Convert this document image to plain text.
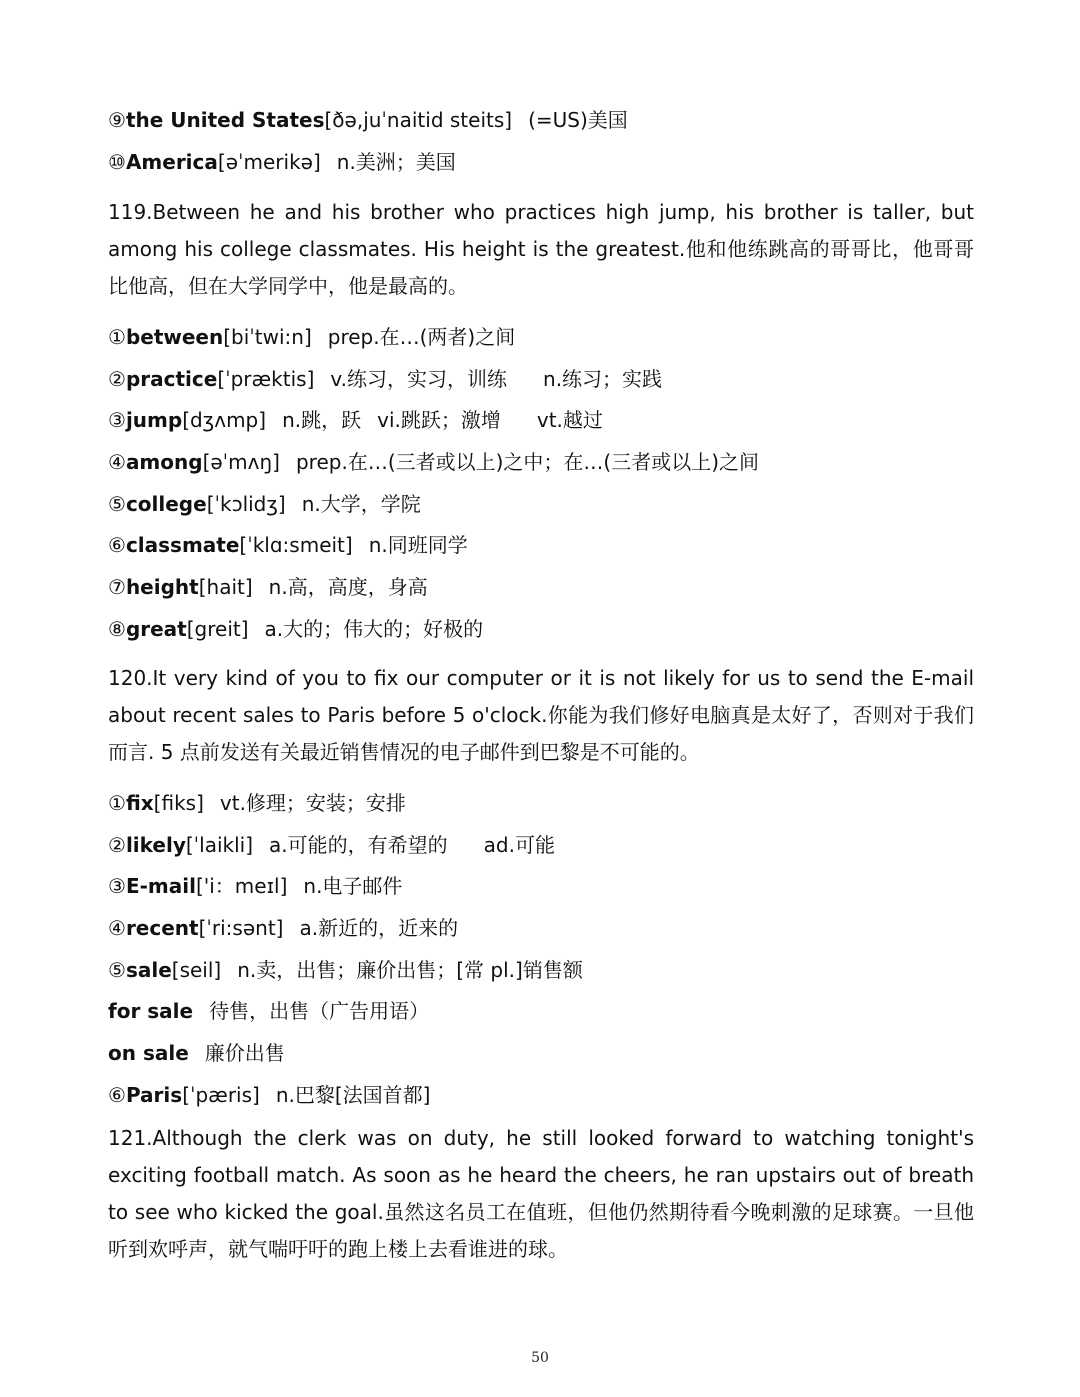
⑨the United States[ðə,juˈnaitid steits] (=US)美国
⑩America[əˈmerikə] n.美洲；美国
119.Between he and his brother who practices high jump, his brother is taller, but among his college classmates. His height is the greatest.他和他练跳高的哥哥比，他哥哥比他高，但在大学同学中，他是最高的。
①between[biˈtwi:n] prep.在…(两者)之间
②practice[ˈpræktis] v.练习，实习，训练 n.练习；实践
③jump[dʒʌmp] n.跳，跃 vi.跳跃；激增 vt.越过
④among[əˈmʌŋ] prep.在…(三者或以上)之中；在…(三者或以上)之间
⑤college[ˈkɔlidʒ] n.大学，学院
⑥classmate[ˈklɑ:smeit] n.同班同学
⑦height[hait] n.高，高度，身高
⑧great[greit] a.大的；伟大的；好极的
120.It very kind of you to fix our computer or it is not likely for us to send the E-mail about recent sales to Paris before 5 o'clock.你能为我们修好电脑真是太好了，否则对于我们而言. 5 点前发送有关最近销售情况的电子邮件到巴黎是不可能的。
①fix[fiks] vt.修理；安装；安排
②likely[ˈlaikli] a.可能的，有希望的 ad.可能
③E-mail['i：meɪl] n.电子邮件
④recent[ˈri:sənt] a.新近的，近来的
⑤sale[seil] n.卖，出售；廉价出售；[常 pl.]销售额
for sale 待售，出售（广告用语）
on sale 廉价出售
⑥Paris[ˈpæris] n.巴黎[法国首都]
121.Although the clerk was on duty, he still looked forward to watching tonight's exciting football match. As soon as he heard the cheers, he ran upstairs out of breath to see who kicked the goal.虽然这名员工在值班，但他仍然期待看今晚刺激的足球赛。一旦他听到欢呼声，就气喘吁吁的跑上楼上去看谁进的球。
50
